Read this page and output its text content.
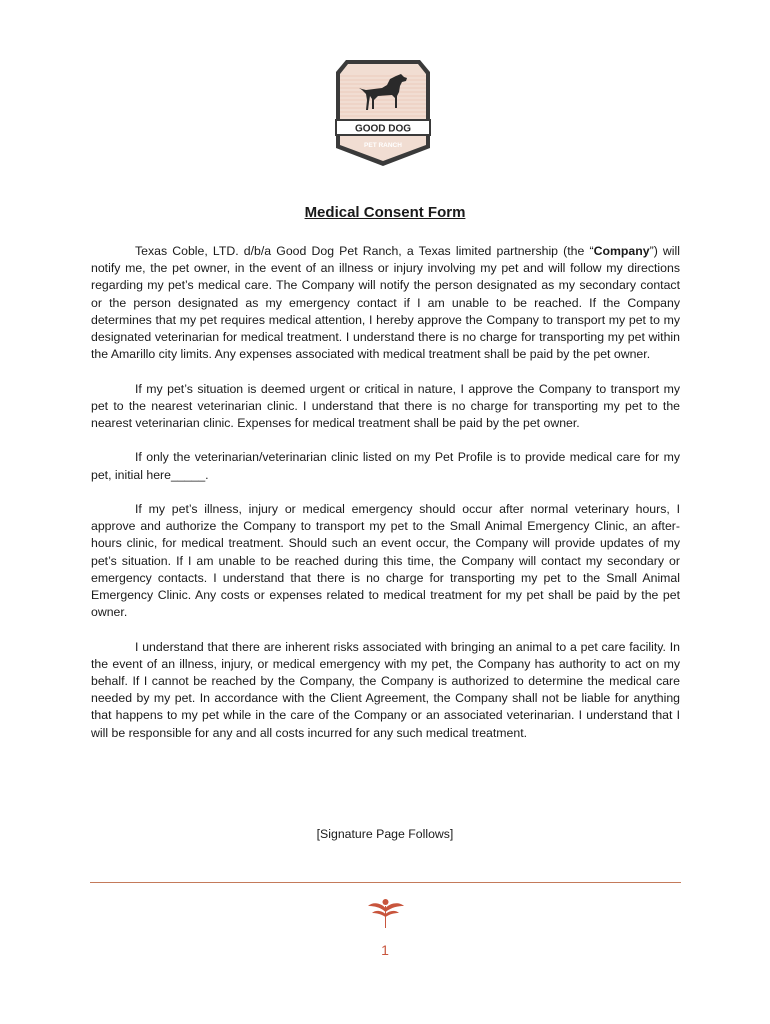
GOOD DOG
PET RANCH
Medical Consent Form

Texas Coble, LTD. d/b/a Good Dog Pet Ranch, a Texas limited partnership (the “Company”) will notify me, the pet owner, in the event of an illness or injury involving my pet and will follow my directions regarding my pet’s medical care. The Company will notify the person designated as my secondary contact or the person designated as my emergency contact if I am unable to be reached. If the Company determines that my pet requires medical attention, I hereby approve the Company to transport my pet to my designated veterinarian for medical treatment. I understand there is no charge for transporting my pet within the Amarillo city limits. Any expenses associated with medical treatment shall be paid by the pet owner.

If my pet’s situation is deemed urgent or critical in nature, I approve the Company to transport my pet to the nearest veterinarian clinic. I understand that there is no charge for transporting my pet to the nearest veterinarian clinic. Expenses for medical treatment shall be paid by the pet owner.

If only the veterinarian/veterinarian clinic listed on my Pet Profile is to provide medical care for my pet, initial here_____.

If my pet’s illness, injury or medical emergency should occur after normal veterinary hours, I approve and authorize the Company to transport my pet to the Small Animal Emergency Clinic, an after-hours clinic, for medical treatment. Should such an event occur, the Company will provide updates of my pet’s situation. If I am unable to be reached during this time, the Company will contact my secondary or emergency contacts. I understand that there is no charge for transporting my pet to the Small Animal Emergency Clinic. Any costs or expenses related to medical treatment for my pet shall be paid by the pet owner.

I understand that there are inherent risks associated with bringing an animal to a pet care facility. In the event of an illness, injury, or medical emergency with my pet, the Company has authority to act on my behalf. If I cannot be reached by the Company, the Company is authorized to determine the medical care needed by my pet. In accordance with the Client Agreement, the Company shall not be liable for anything that happens to my pet while in the care of the Company or an associated veterinarian. I understand that I will be responsible for any and all costs incurred for any such medical treatment.

[Signature Page Follows]
1
